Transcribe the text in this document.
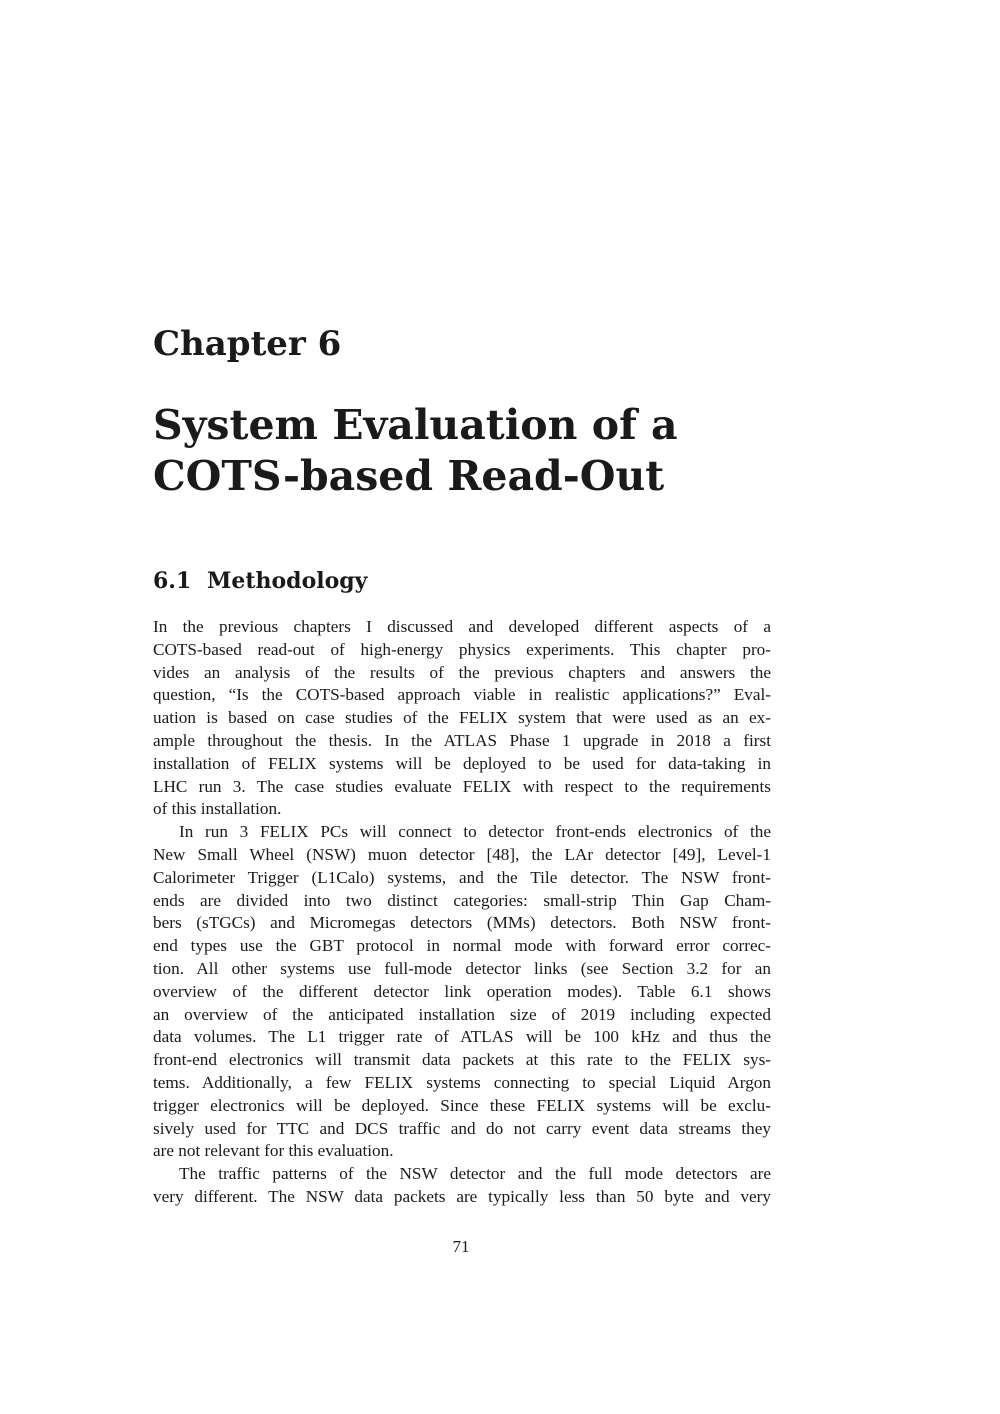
Chapter 6
System Evaluation of a
COTS-based Read-Out
6.1 Methodology
In the previous chapters I discussed and developed different aspects of a
COTS-based read-out of high-energy physics experiments. This chapter pro-
vides an analysis of the results of the previous chapters and answers the
question, “Is the COTS-based approach viable in realistic applications?” Eval-
uation is based on case studies of the FELIX system that were used as an ex-
ample throughout the thesis. In the ATLAS Phase 1 upgrade in 2018 a first
installation of FELIX systems will be deployed to be used for data-taking in
LHC run 3. The case studies evaluate FELIX with respect to the requirements
of this installation.
In run 3 FELIX PCs will connect to detector front-ends electronics of the
New Small Wheel (NSW) muon detector [48], the LAr detector [49], Level-1
Calorimeter Trigger (L1Calo) systems, and the Tile detector. The NSW front-
ends are divided into two distinct categories: small-strip Thin Gap Cham-
bers (sTGCs) and Micromegas detectors (MMs) detectors. Both NSW front-
end types use the GBT protocol in normal mode with forward error correc-
tion. All other systems use full-mode detector links (see Section 3.2 for an
overview of the different detector link operation modes). Table 6.1 shows
an overview of the anticipated installation size of 2019 including expected
data volumes. The L1 trigger rate of ATLAS will be 100 kHz and thus the
front-end electronics will transmit data packets at this rate to the FELIX sys-
tems. Additionally, a few FELIX systems connecting to special Liquid Argon
trigger electronics will be deployed. Since these FELIX systems will be exclu-
sively used for TTC and DCS traffic and do not carry event data streams they
are not relevant for this evaluation.
The traffic patterns of the NSW detector and the full mode detectors are
very different. The NSW data packets are typically less than 50 byte and very
71
